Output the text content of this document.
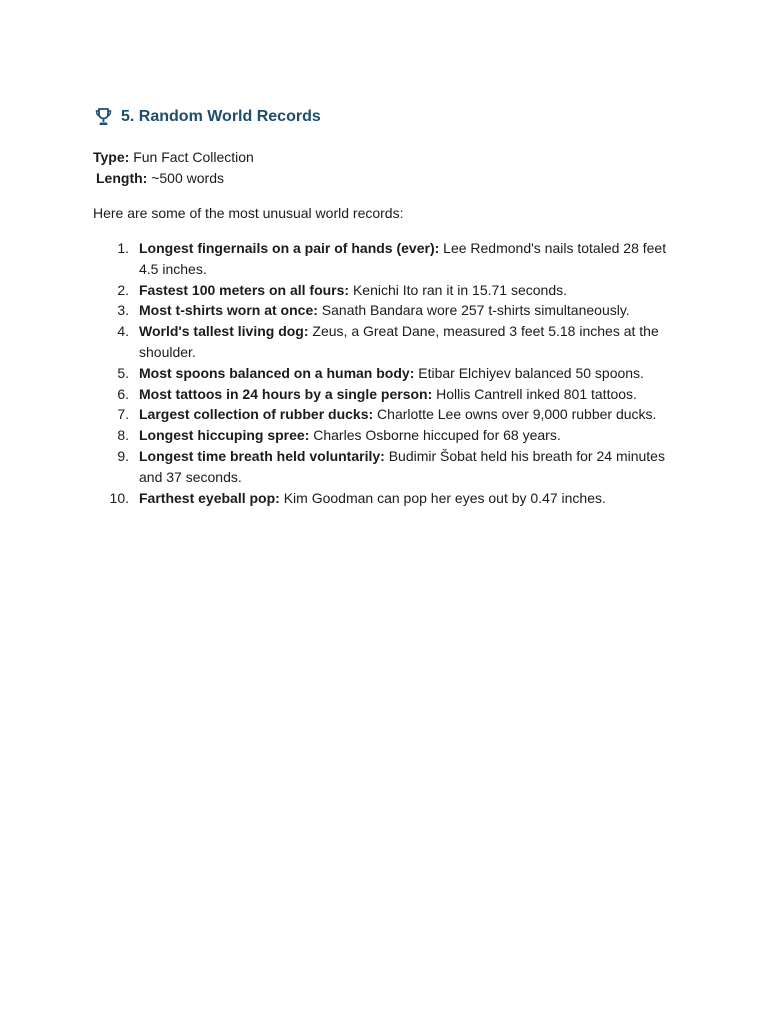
5. Random World Records
Type: Fun Fact Collection
Length: ~500 words
Here are some of the most unusual world records:
1. Longest fingernails on a pair of hands (ever): Lee Redmond's nails totaled 28 feet 4.5 inches.
2. Fastest 100 meters on all fours: Kenichi Ito ran it in 15.71 seconds.
3. Most t-shirts worn at once: Sanath Bandara wore 257 t-shirts simultaneously.
4. World's tallest living dog: Zeus, a Great Dane, measured 3 feet 5.18 inches at the shoulder.
5. Most spoons balanced on a human body: Etibar Elchiyev balanced 50 spoons.
6. Most tattoos in 24 hours by a single person: Hollis Cantrell inked 801 tattoos.
7. Largest collection of rubber ducks: Charlotte Lee owns over 9,000 rubber ducks.
8. Longest hiccuping spree: Charles Osborne hiccuped for 68 years.
9. Longest time breath held voluntarily: Budimir Šobat held his breath for 24 minutes and 37 seconds.
10. Farthest eyeball pop: Kim Goodman can pop her eyes out by 0.47 inches.
